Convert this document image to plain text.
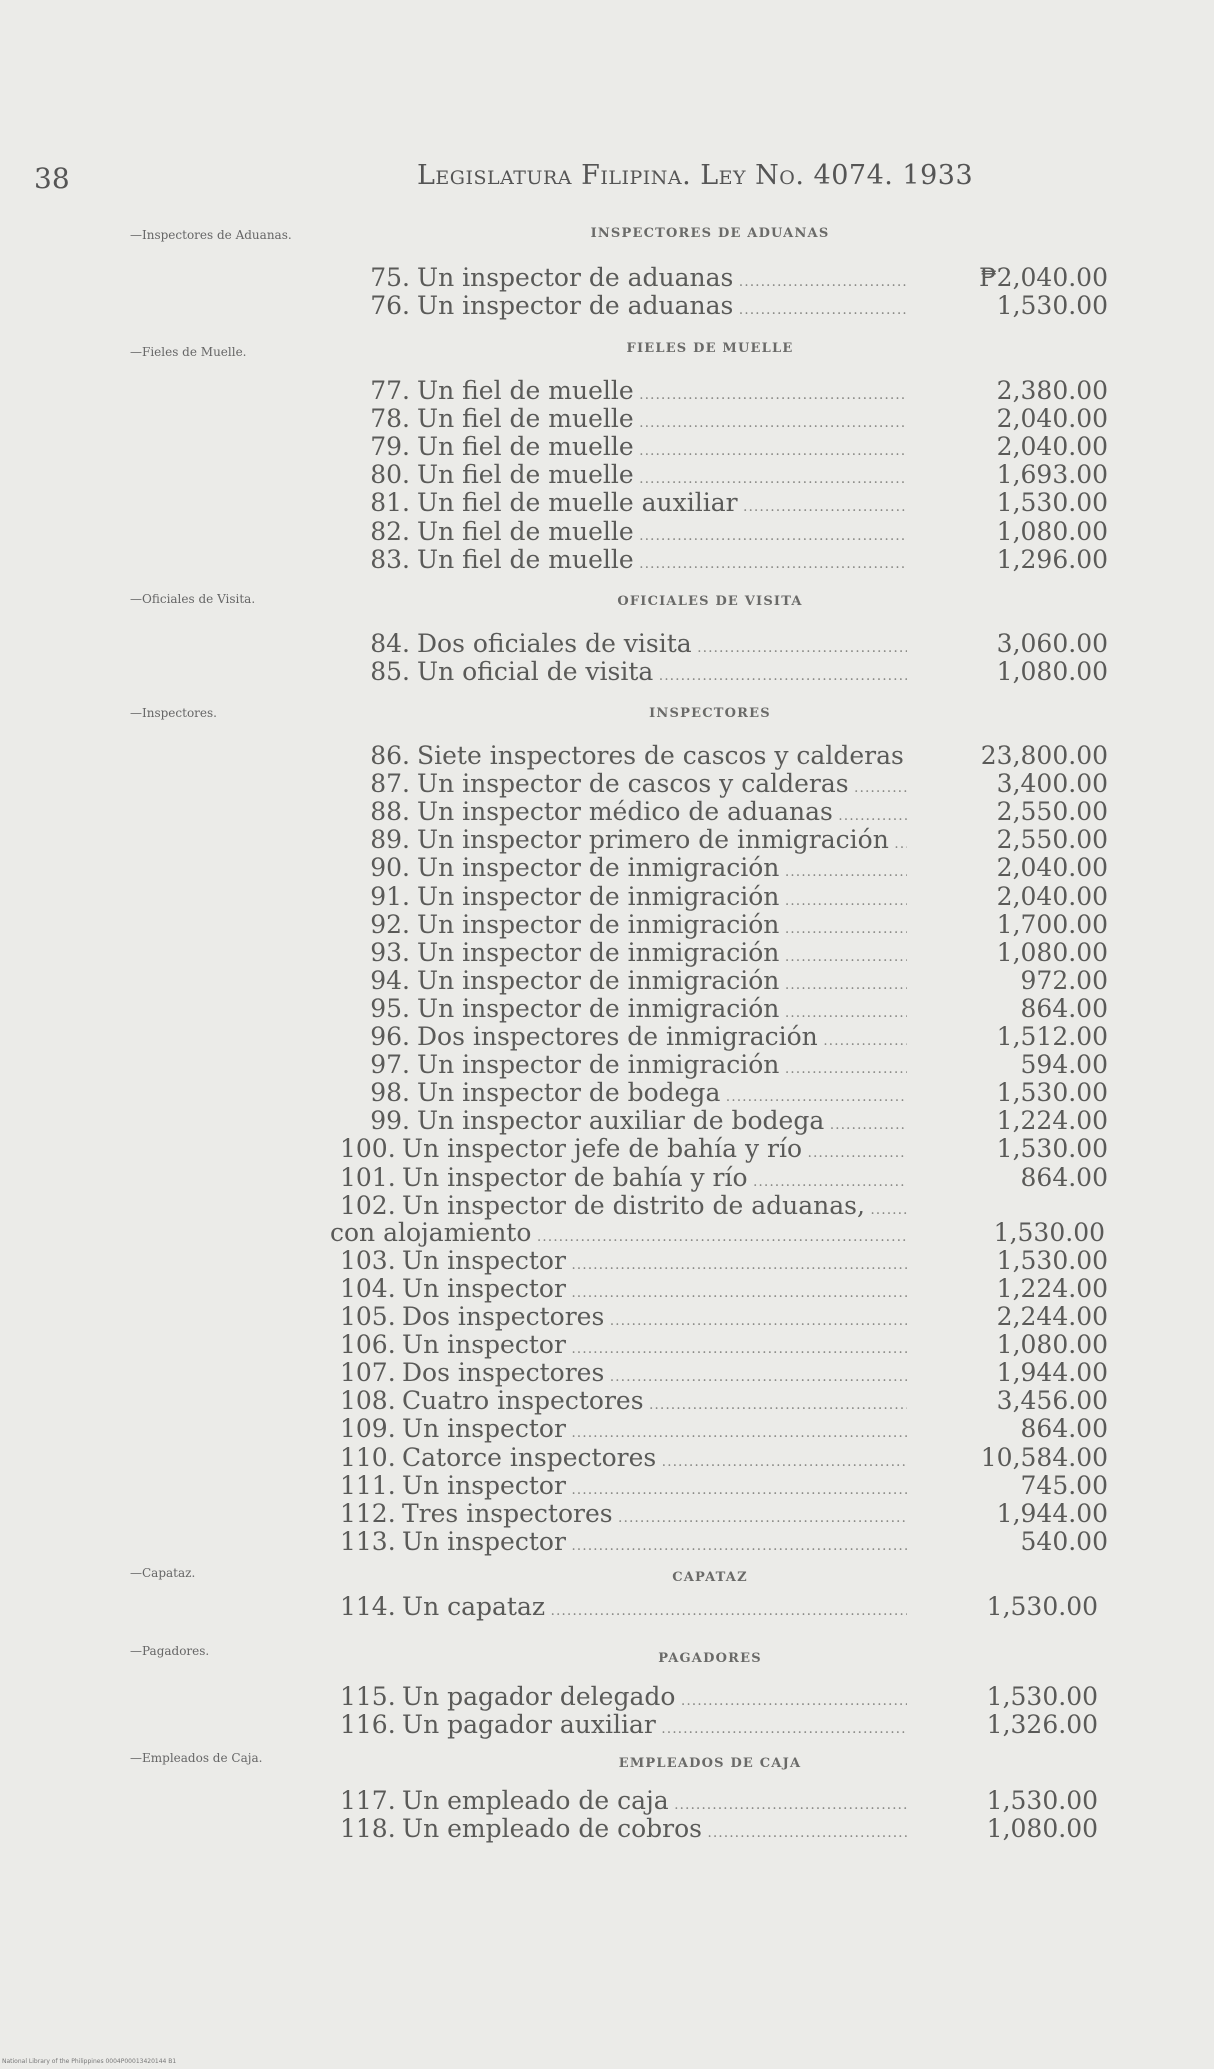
38	Legislatura Filipina. Ley No. 4074. 1933
—Inspectores de Aduanas.	INSPECTORES DE ADUANAS
75. Un inspector de aduanas .....	₱2,040.00
76. Un inspector de aduanas .....	1,530.00
—Fieles de Muelle.	FIELES DE MUELLE
77. Un fiel de muelle .....	2,380.00
78. Un fiel de muelle .....	2,040.00
79. Un fiel de muelle .....	2,040.00
80. Un fiel de muelle .....	1,693.00
81. Un fiel de muelle auxiliar .....	1,530.00
82. Un fiel de muelle .....	1,080.00
83. Un fiel de muelle .....	1,296.00
—Oficiales de Visita.	OFICIALES DE VISITA
84. Dos oficiales de visita .....	3,060.00
85. Un oficial de visita .....	1,080.00
—Inspectores.	INSPECTORES
86. Siete inspectores de cascos y calderas .....	23,800.00
87. Un inspector de cascos y calderas .....	3,400.00
88. Un inspector médico de aduanas .....	2,550.00
89. Un inspector primero de inmigración .....	2,550.00
90. Un inspector de inmigración .....	2,040.00
91. Un inspector de inmigración .....	2,040.00
92. Un inspector de inmigración .....	1,700.00
93. Un inspector de inmigración .....	1,080.00
94. Un inspector de inmigración .....	972.00
95. Un inspector de inmigración .....	864.00
96. Dos inspectores de inmigración .....	1,512.00
97. Un inspector de inmigración .....	594.00
98. Un inspector de bodega .....	1,530.00
99. Un inspector auxiliar de bodega .....	1,224.00
100. Un inspector jefe de bahía y río .....	1,530.00
101. Un inspector de bahía y río .....	864.00
102. Un inspector de distrito de aduanas, .....
con alojamiento .....	1,530.00
103. Un inspector .....	1,530.00
104. Un inspector .....	1,224.00
105. Dos inspectores .....	2,244.00
106. Un inspector .....	1,080.00
107. Dos inspectores .....	1,944.00
108. Cuatro inspectores .....	3,456.00
109. Un inspector .....	864.00
110. Catorce inspectores .....	10,584.00
111. Un inspector .....	745.00
112. Tres inspectores .....	1,944.00
113. Un inspector .....	540.00
—Capataz.	CAPATAZ
114. Un capataz .....	1,530.00
—Pagadores.	PAGADORES
115. Un pagador delegado .....	1,530.00
116. Un pagador auxiliar .....	1,326.00
—Empleados de Caja.	EMPLEADOS DE CAJA
117. Un empleado de caja .....	1,530.00
118. Un empleado de cobros .....	1,080.00
National Library of the Philippines 0004P00013420144 B1
